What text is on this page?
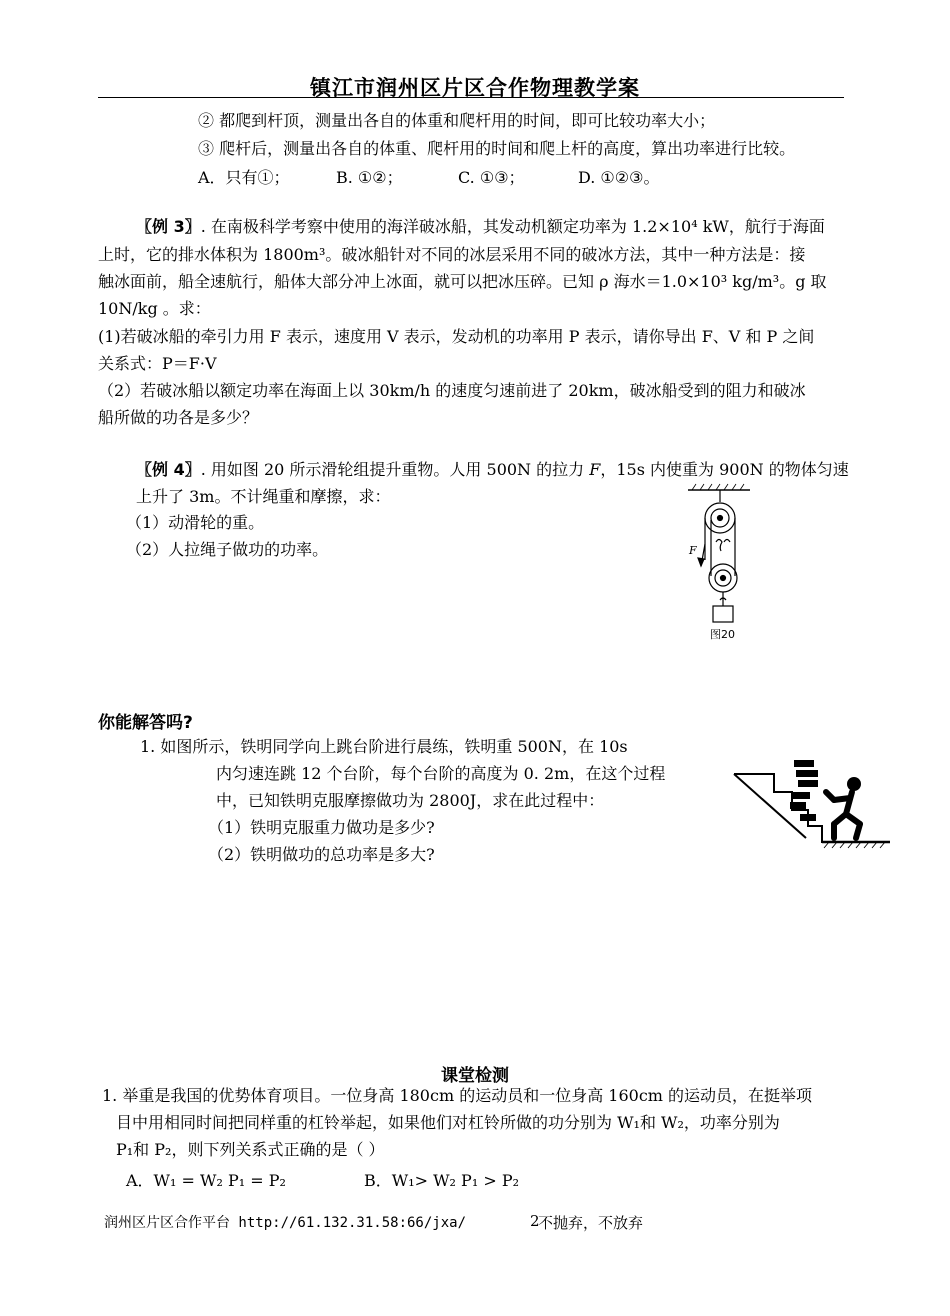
镇江市润州区片区合作物理教学案
② 都爬到杆顶，测量出各自的体重和爬杆用的时间，即可比较功率大小；
③ 爬杆后，测量出各自的体重、爬杆用的时间和爬上杆的高度，算出功率进行比较。
A．只有①；	B. ①②；	C. ①③；	D. ①②③。
〖例 3〗. 在南极科学考察中使用的海洋破冰船，其发动机额定功率为 1.2×10⁴ kW，航行于海面
上时，它的排水体积为 1800m³。破冰船针对不同的冰层采用不同的破冰方法，其中一种方法是：接
触冰面前，船全速航行，船体大部分冲上冰面，就可以把冰压碎。已知 ρ 海水＝1.0×10³ kg/m³。g 取
10N/kg 。求：
(1)若破冰船的牵引力用 F 表示，速度用 V 表示，发动机的功率用 P 表示，请你导出 F、V 和 P 之间
关系式：P＝F·V
（2）若破冰船以额定功率在海面上以 30km/h 的速度匀速前进了 20km，破冰船受到的阻力和破冰
船所做的功各是多少？
〖例 4〗. 用如图 20 所示滑轮组提升重物。人用 500N 的拉力 F，15s 内使重为 900N 的物体匀速
上升了 3m。不计绳重和摩擦，求：
（1）动滑轮的重。
（2）人拉绳子做功的功率。	F
图20
你能解答吗?
1. 如图所示，铁明同学向上跳台阶进行晨练，铁明重 500N，在 10s
内匀速连跳 12 个台阶，每个台阶的高度为 0. 2m，在这个过程
中，已知铁明克服摩擦做功为 2800J，求在此过程中：
（1）铁明克服重力做功是多少?
（2）铁明做功的总功率是多大?
课堂检测
1. 举重是我国的优势体育项目。一位身高 180cm 的运动员和一位身高 160cm 的运动员，在挺举项
目中用相同时间把同样重的杠铃举起，如果他们对杠铃所做的功分别为 W₁和 W₂，功率分别为
P₁和 P₂，则下列关系式正确的是（ ）
A．W₁ = W₂ P₁ = P₂	B．W₁> W₂ P₁ > P₂
润州区片区合作平台 http://61.132.31.58:66/jxa/	2
不抛弃，不放弃
